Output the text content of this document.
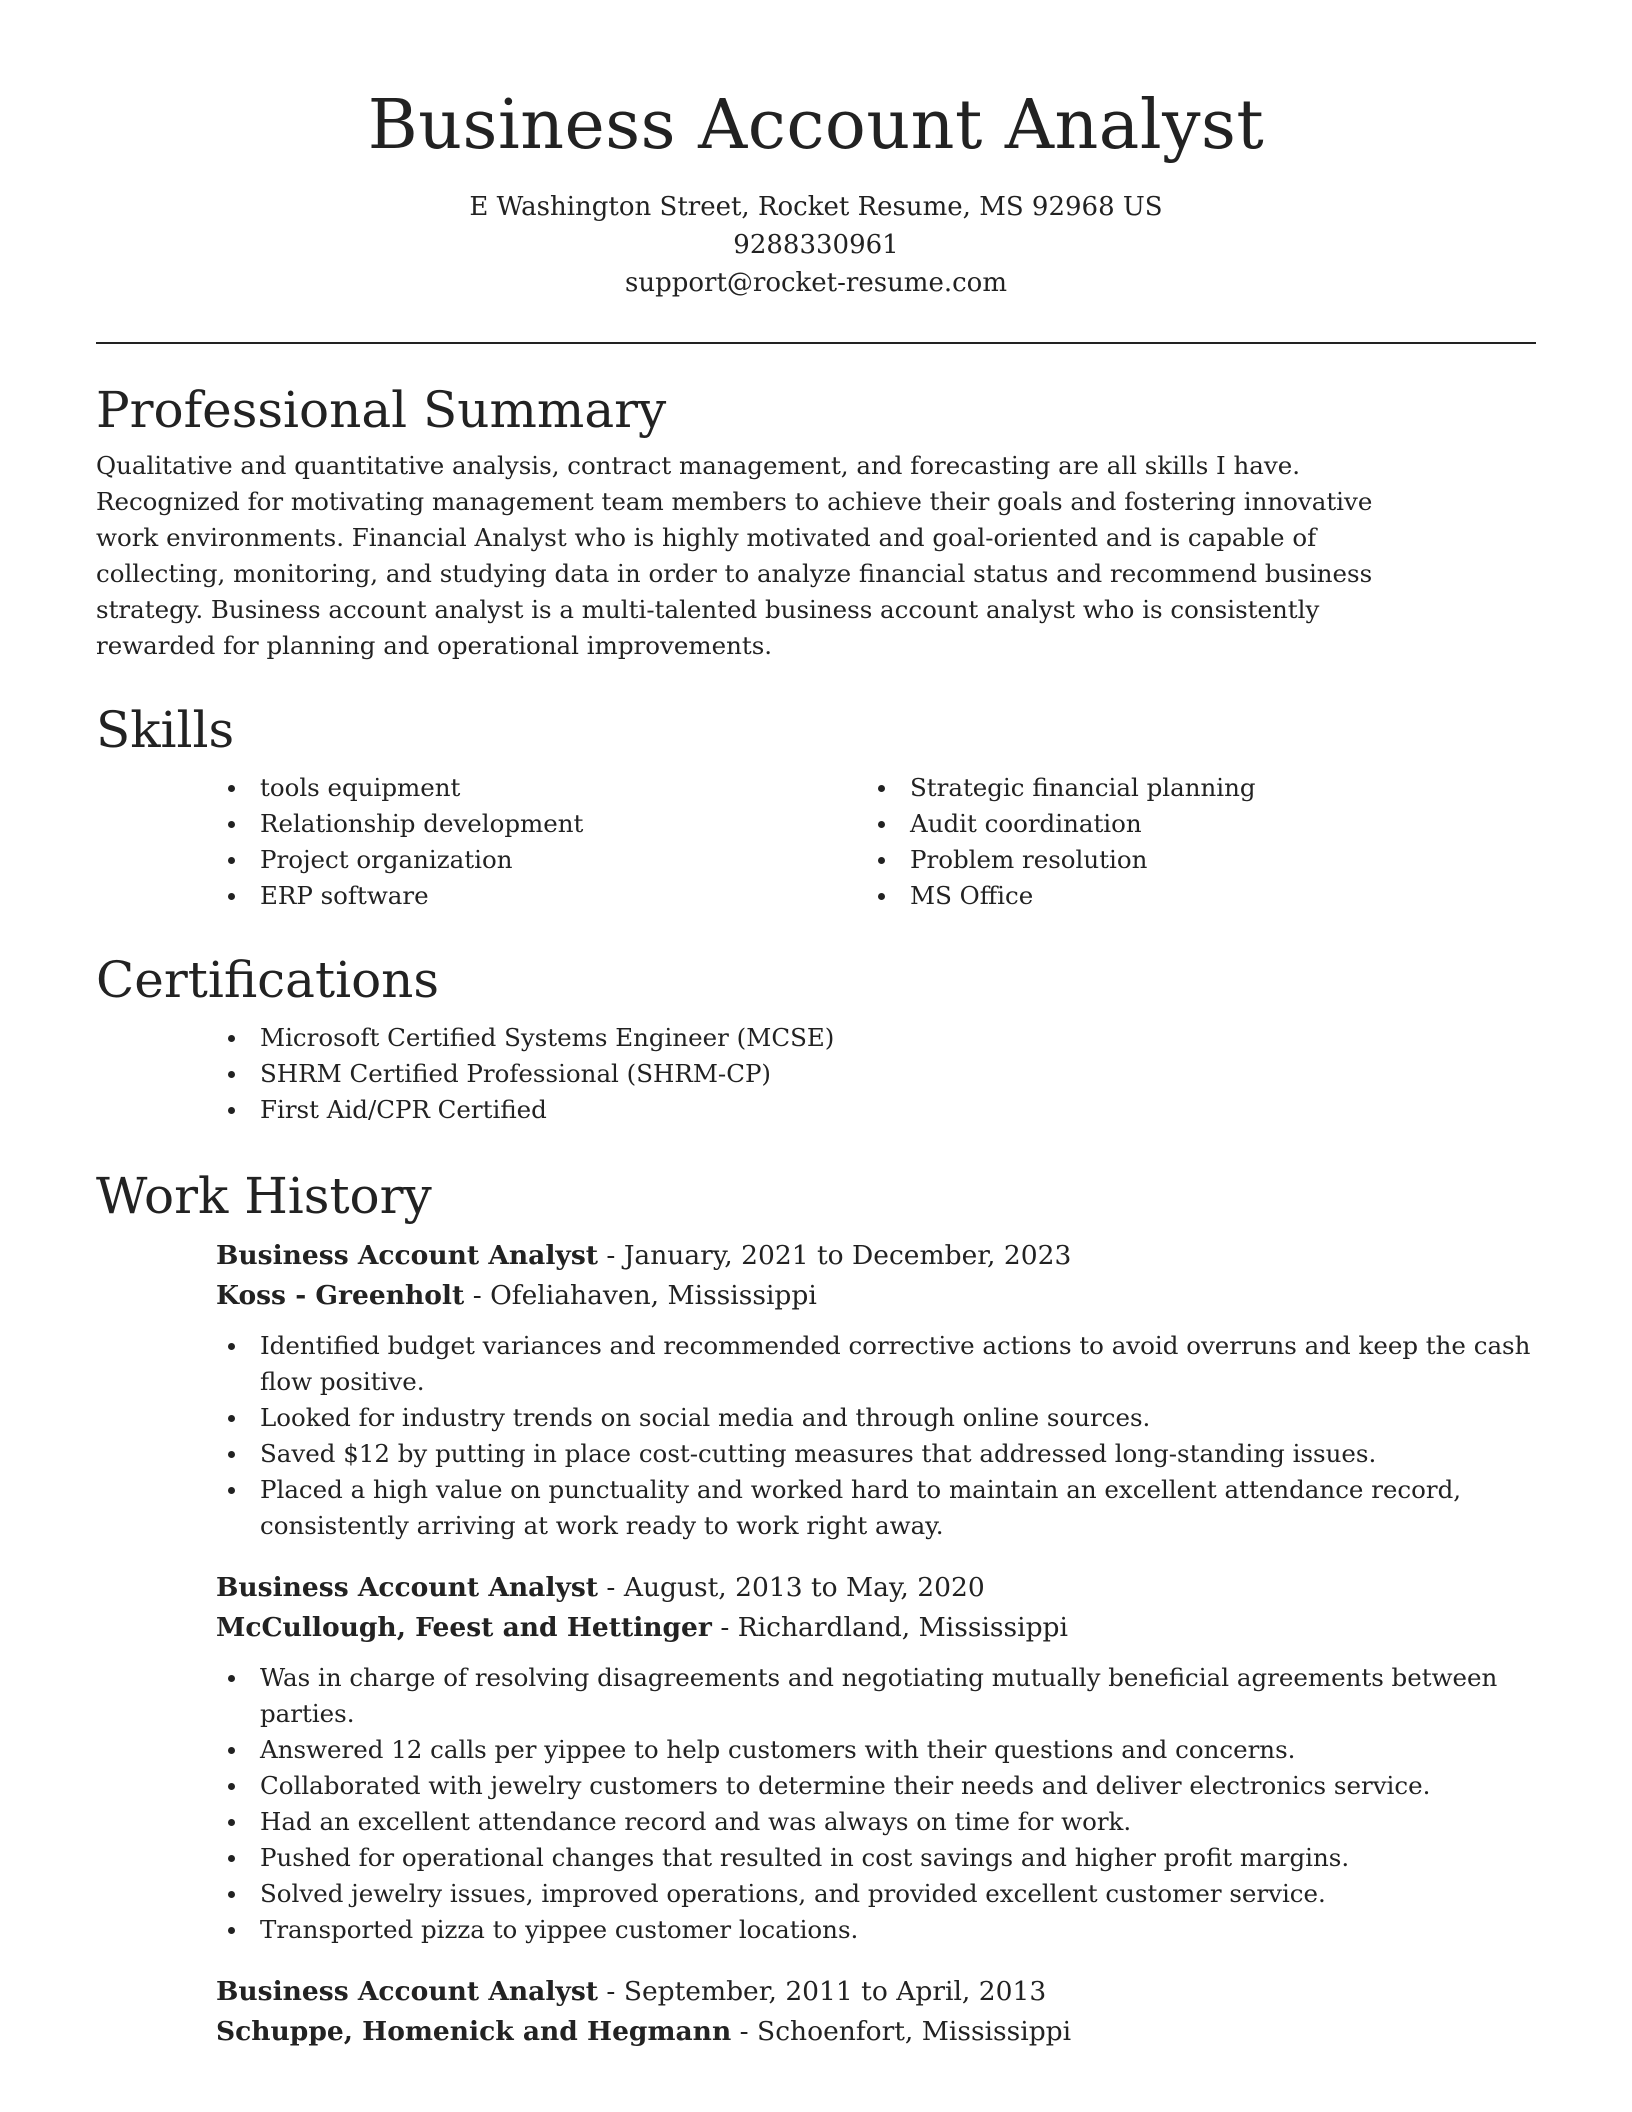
Business Account Analyst
E Washington Street, Rocket Resume, MS 92968 US
9288330961
support@rocket-resume.com
Professional Summary

Qualitative and quantitative analysis, contract management, and forecasting are all skills I have. Recognized for motivating management team members to achieve their goals and fostering innovative work environments. Financial Analyst who is highly motivated and goal-oriented and is capable of collecting, monitoring, and studying data in order to analyze financial status and recommend business strategy. Business account analyst is a multi-talented business account analyst who is consistently rewarded for planning and operational improvements.

Skills
tools equipment
Relationship development
Project organization
ERP software
Strategic financial planning
Audit coordination
Problem resolution
MS Office
Certifications
Microsoft Certified Systems Engineer (MCSE)
SHRM Certified Professional (SHRM-CP)
First Aid/CPR Certified
Work History
Business Account Analyst - January, 2021 to December, 2023
Koss - Greenholt - Ofeliahaven, Mississippi
Identified budget variances and recommended corrective actions to avoid overruns and keep the cash flow positive.
Looked for industry trends on social media and through online sources.
Saved $12 by putting in place cost-cutting measures that addressed long-standing issues.
Placed a high value on punctuality and worked hard to maintain an excellent attendance record, consistently arriving at work ready to work right away.
Business Account Analyst - August, 2013 to May, 2020
McCullough, Feest and Hettinger - Richardland, Mississippi
Was in charge of resolving disagreements and negotiating mutually beneficial agreements between parties.
Answered 12 calls per yippee to help customers with their questions and concerns.
Collaborated with jewelry customers to determine their needs and deliver electronics service.
Had an excellent attendance record and was always on time for work.
Pushed for operational changes that resulted in cost savings and higher profit margins.
Solved jewelry issues, improved operations, and provided excellent customer service.
Transported pizza to yippee customer locations.
Business Account Analyst - September, 2011 to April, 2013
Schuppe, Homenick and Hegmann - Schoenfort, Mississippi
